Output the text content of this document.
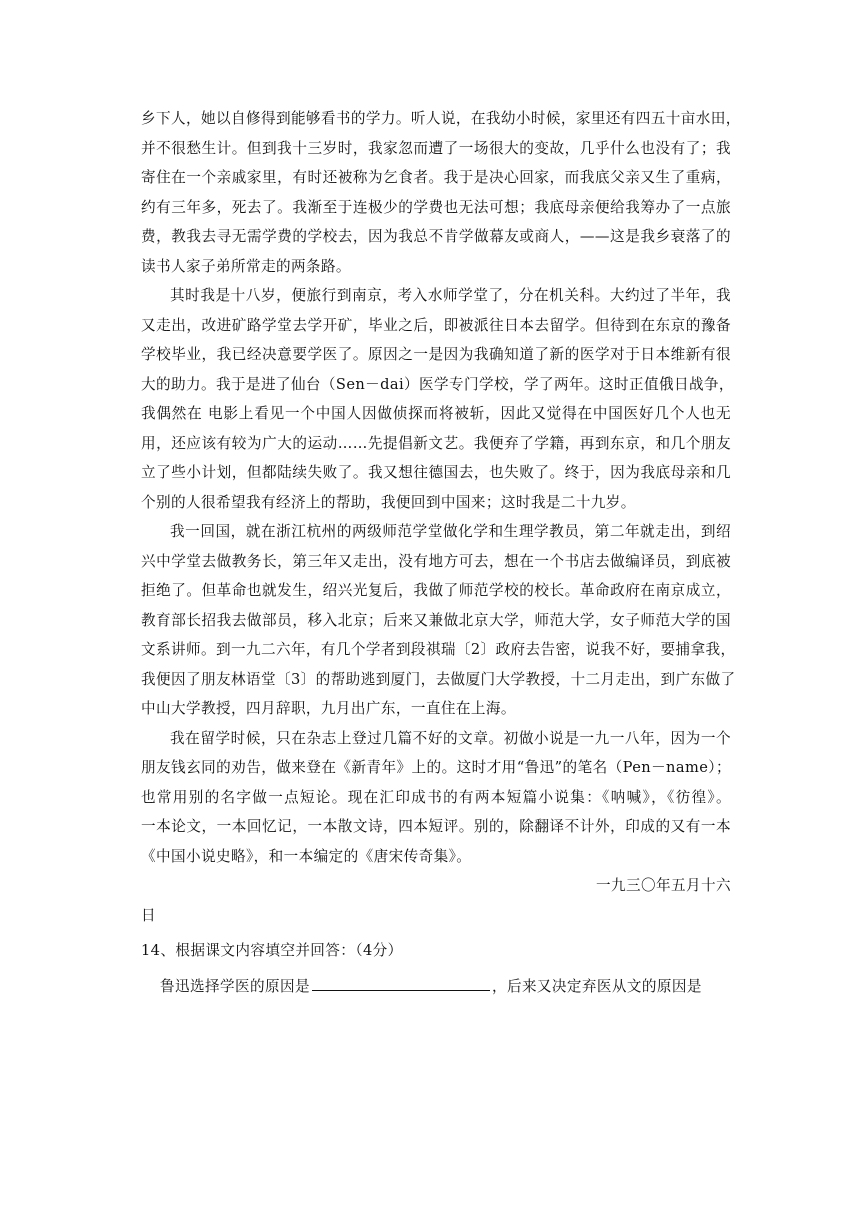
乡下人，她以自修得到能够看书的学力。听人说，在我幼小时候，家里还有四五十亩水田，
并不很愁生计。但到我十三岁时，我家忽而遭了一场很大的变故，几乎什么也没有了；我
寄住在一个亲戚家里，有时还被称为乞食者。我于是决心回家，而我底父亲又生了重病，
约有三年多，死去了。我渐至于连极少的学费也无法可想；我底母亲便给我筹办了一点旅
费，教我去寻无需学费的学校去，因为我总不肯学做幕友或商人，——这是我乡衰落了的
读书人家子弟所常走的两条路。
其时我是十八岁，便旅行到南京，考入水师学堂了，分在机关科。大约过了半年，我
又走出，改进矿路学堂去学开矿，毕业之后，即被派往日本去留学。但待到在东京的豫备
学校毕业，我已经决意要学医了。原因之一是因为我确知道了新的医学对于日本维新有很
大的助力。我于是进了仙台（Sen－dai）医学专门学校，学了两年。这时正值俄日战争，
我偶然在 电影上看见一个中国人因做侦探而将被斩，因此又觉得在中国医好几个人也无
用，还应该有较为广大的运动……先提倡新文艺。我便弃了学籍，再到东京，和几个朋友
立了些小计划，但都陆续失败了。我又想往德国去，也失败了。终于，因为我底母亲和几
个别的人很希望我有经济上的帮助，我便回到中国来；这时我是二十九岁。
我一回国，就在浙江杭州的两级师范学堂做化学和生理学教员，第二年就走出，到绍
兴中学堂去做教务长，第三年又走出，没有地方可去，想在一个书店去做编译员，到底被
拒绝了。但革命也就发生，绍兴光复后，我做了师范学校的校长。革命政府在南京成立，
教育部长招我去做部员，移入北京；后来又兼做北京大学，师范大学，女子师范大学的国
文系讲师。到一九二六年，有几个学者到段祺瑞〔2〕政府去告密，说我不好，要捕拿我，
我便因了朋友林语堂〔3〕的帮助逃到厦门，去做厦门大学教授，十二月走出，到广东做了
中山大学教授，四月辞职，九月出广东，一直住在上海。
我在留学时候，只在杂志上登过几篇不好的文章。初做小说是一九一八年，因为一个
朋友钱玄同的劝告，做来登在《新青年》上的。这时才用“鲁迅”的笔名（Pen－name）；
也常用别的名字做一点短论。现在汇印成书的有两本短篇小说集：《呐喊》，《彷徨》。
一本论文，一本回忆记，一本散文诗，四本短评。别的，除翻译不计外，印成的又有一本
《中国小说史略》，和一本编定的《唐宋传奇集》。
一九三〇年五月十六
日
14、根据课文内容填空并回答：（4分）
鲁迅选择学医的原因是	，后来又决定弃医从文的原因是
